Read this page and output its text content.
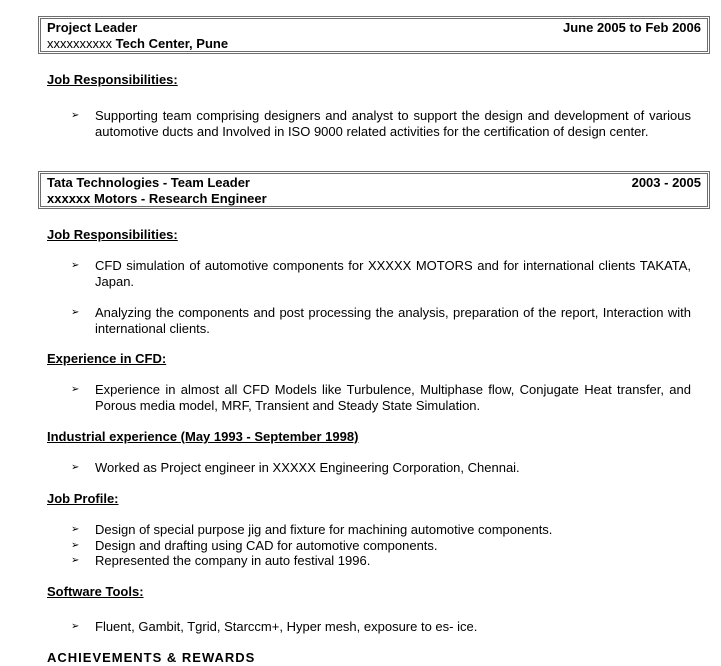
Project Leader	June 2005 to Feb 2006
xxxxxxxxxx Tech Center, Pune
Job Responsibilities:
➢	Supporting team comprising designers and analyst to support the design and development of various automotive ducts and Involved in ISO 9000 related activities for the certification of design center.
Tata Technologies - Team Leader	2003 - 2005
xxxxxx Motors - Research Engineer
Job Responsibilities:
➢	CFD simulation of automotive components for XXXXX MOTORS and for international clients TAKATA, Japan.
➢	Analyzing the components and post processing the analysis, preparation of the report, Interaction with international clients.
Experience in CFD:
➢	Experience in almost all CFD Models like Turbulence, Multiphase flow, Conjugate Heat transfer, and Porous media model, MRF, Transient and Steady State Simulation.
Industrial experience (May 1993 - September 1998)
➢	Worked as Project engineer in XXXXX Engineering Corporation, Chennai.
Job Profile:
➢	Design of special purpose jig and fixture for machining automotive components.
➢	Design and drafting using CAD for automotive components.
➢	Represented the company in auto festival 1996.
Software Tools:
➢	Fluent, Gambit, Tgrid, Starccm+, Hyper mesh, exposure to es- ice.
ACHIEVEMENTS & REWARDS
